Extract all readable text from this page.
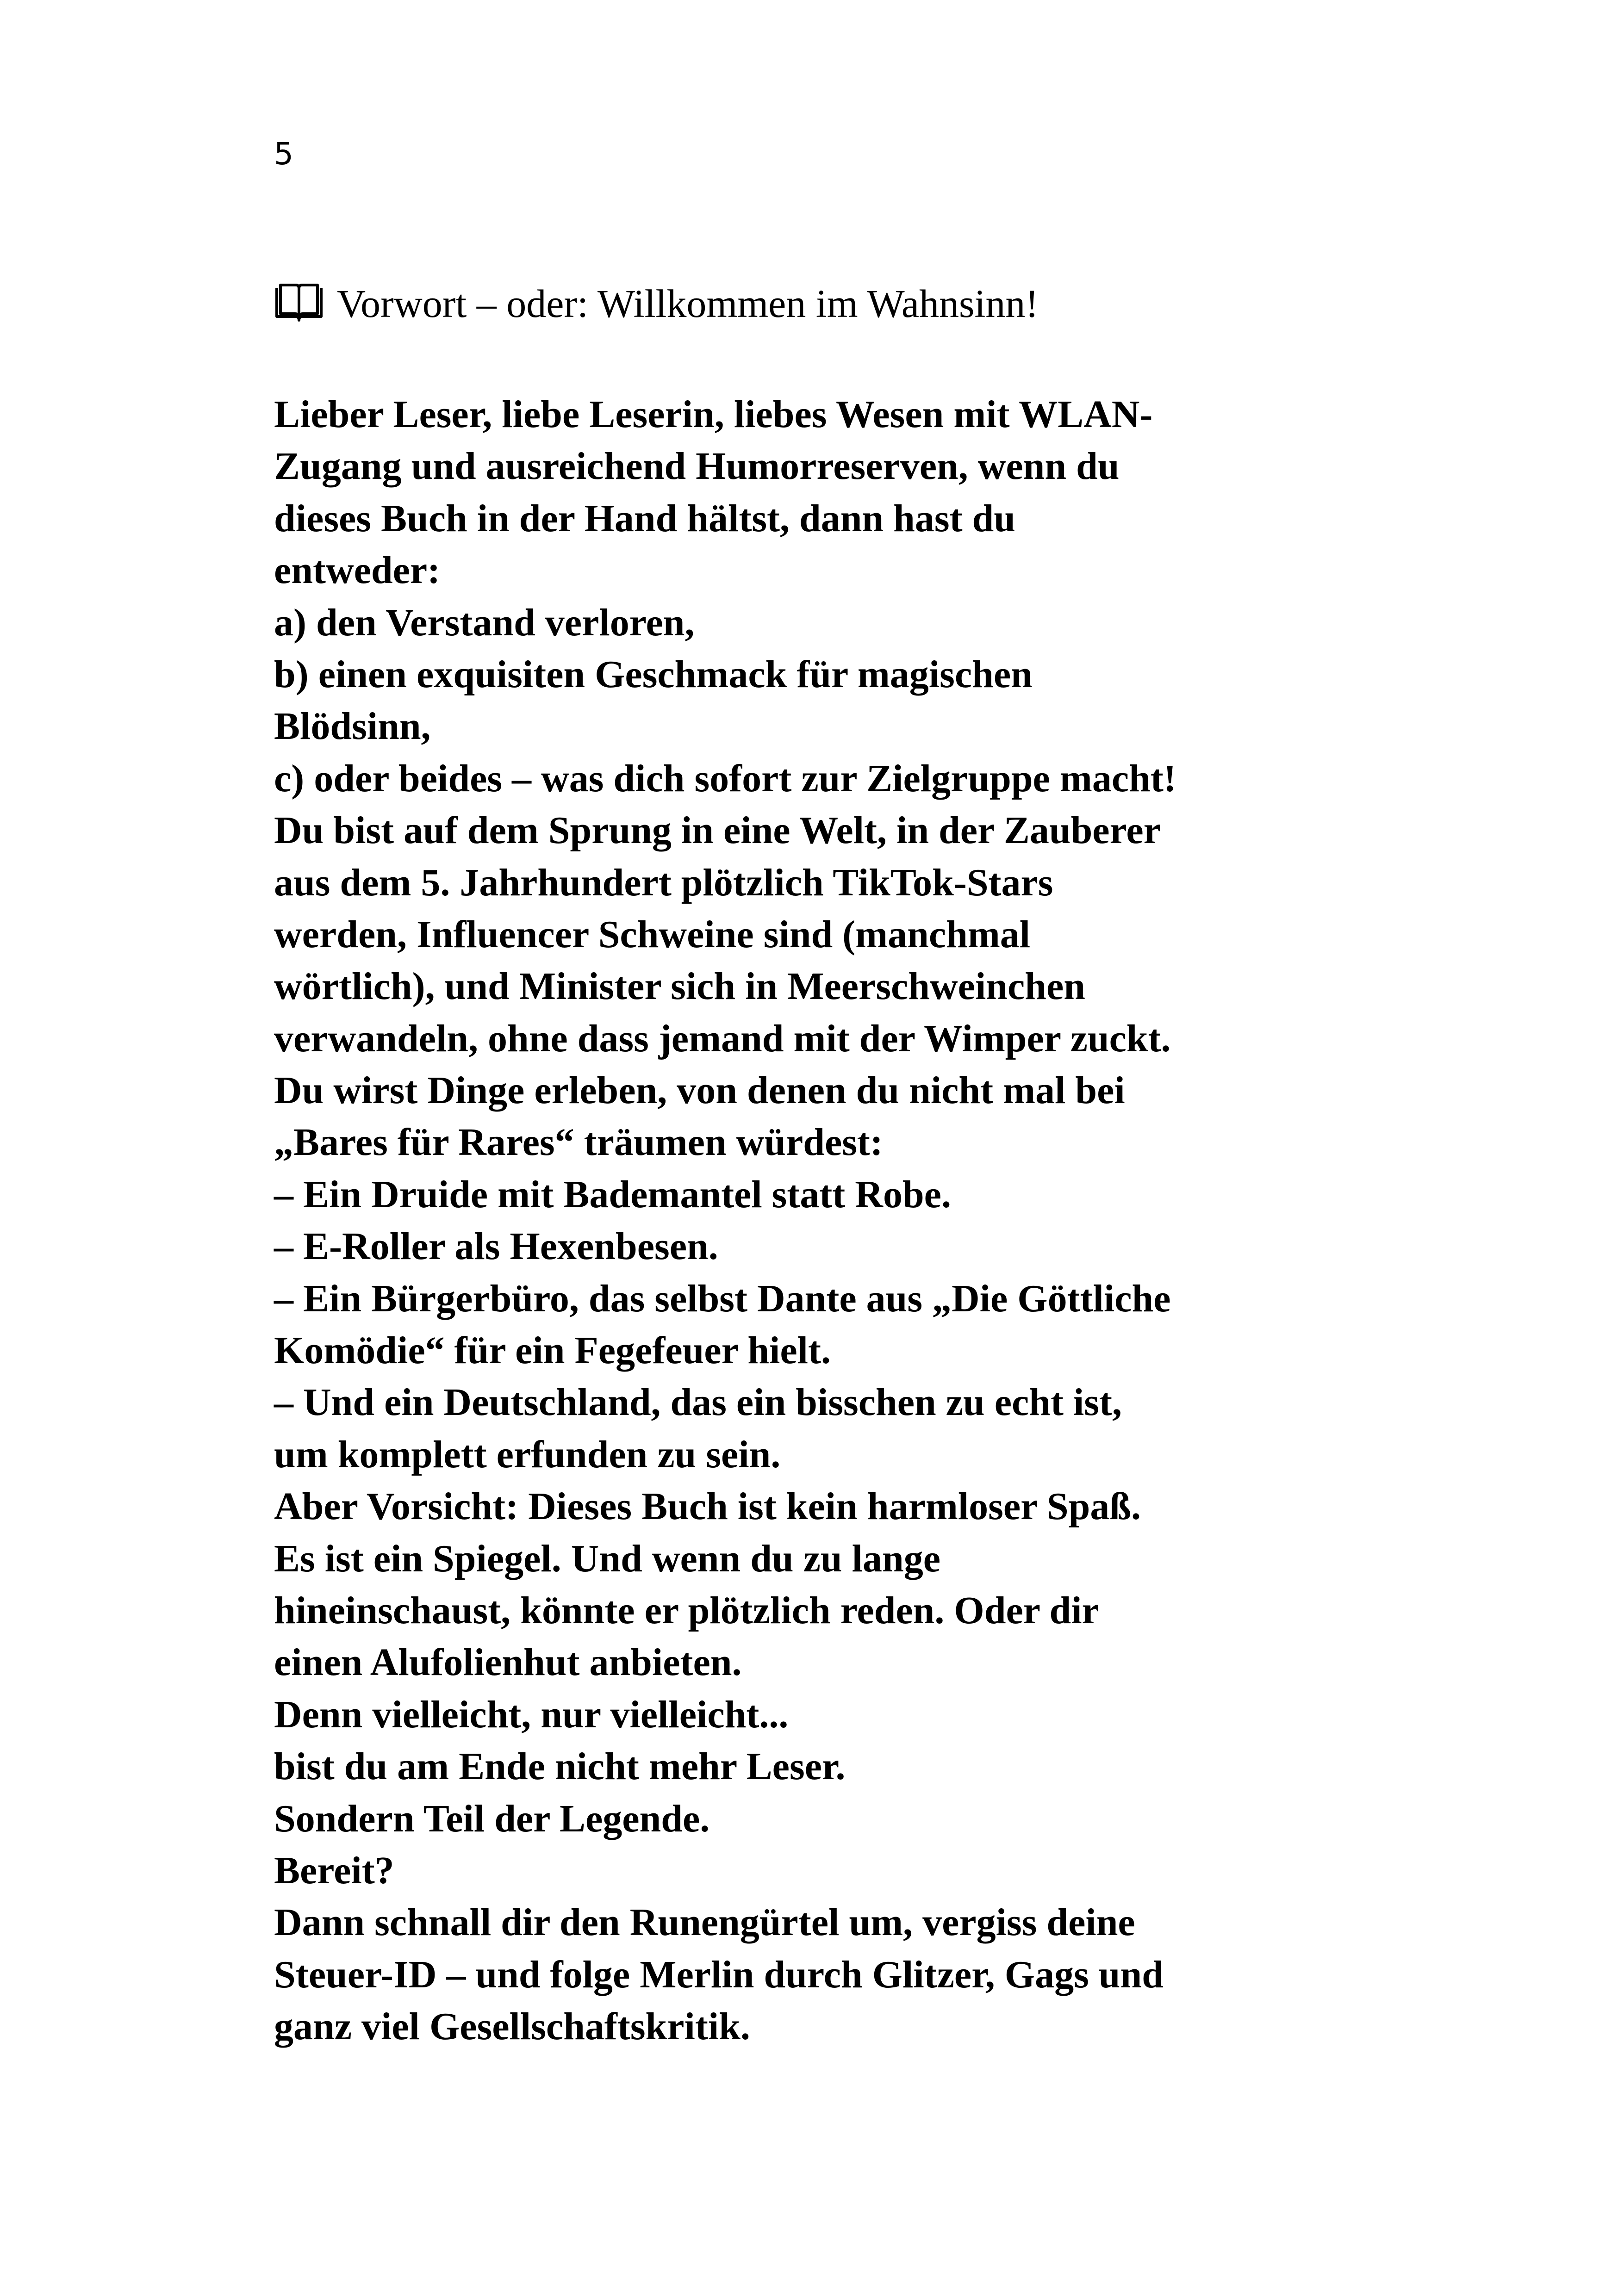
5
Vorwort – oder: Willkommen im Wahnsinn!
Lieber Leser, liebe Leserin, liebes Wesen mit WLAN-
Zugang und ausreichend Humorreserven, wenn du
dieses Buch in der Hand hältst, dann hast du
entweder:
a) den Verstand verloren,
b) einen exquisiten Geschmack für magischen
Blödsinn,
c) oder beides – was dich sofort zur Zielgruppe macht!
Du bist auf dem Sprung in eine Welt, in der Zauberer
aus dem 5. Jahrhundert plötzlich TikTok-Stars
werden, Influencer Schweine sind (manchmal
wörtlich), und Minister sich in Meerschweinchen
verwandeln, ohne dass jemand mit der Wimper zuckt.
Du wirst Dinge erleben, von denen du nicht mal bei
„Bares für Rares“ träumen würdest:
– Ein Druide mit Bademantel statt Robe.
– E-Roller als Hexenbesen.
– Ein Bürgerbüro, das selbst Dante aus „Die Göttliche
Komödie“ für ein Fegefeuer hielt.
– Und ein Deutschland, das ein bisschen zu echt ist,
um komplett erfunden zu sein.
Aber Vorsicht: Dieses Buch ist kein harmloser Spaß.
Es ist ein Spiegel. Und wenn du zu lange
hineinschaust, könnte er plötzlich reden. Oder dir
einen Alufolienhut anbieten.
Denn vielleicht, nur vielleicht...
bist du am Ende nicht mehr Leser.
Sondern Teil der Legende.
Bereit?
Dann schnall dir den Runengürtel um, vergiss deine
Steuer-ID – und folge Merlin durch Glitzer, Gags und
ganz viel Gesellschaftskritik.
